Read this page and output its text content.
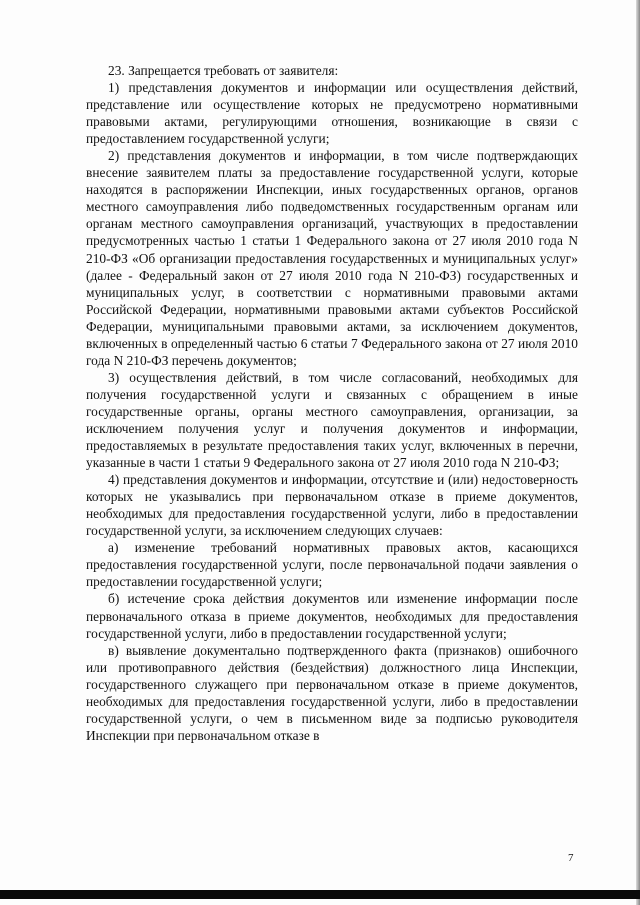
23. Запрещается требовать от заявителя:

1) представления документов и информации или осуществления действий, представление или осуществление которых не предусмотрено нормативными правовыми актами, регулирующими отношения, возникающие в связи с предоставлением государственной услуги;

2) представления документов и информации, в том числе подтверждающих внесение заявителем платы за предоставление государственной услуги, которые находятся в распоряжении Инспекции, иных государственных органов, органов местного самоуправления либо подведомственных государственным органам или органам местного самоуправления организаций, участвующих в предоставлении предусмотренных частью 1 статьи 1 Федерального закона от 27 июля 2010 года N 210-ФЗ «Об организации предоставления государственных и муниципальных услуг» (далее - Федеральный закон от 27 июля 2010 года N 210-ФЗ) государственных и муниципальных услуг, в соответствии с нормативными правовыми актами Российской Федерации, нормативными правовыми актами субъектов Российской Федерации, муниципальными правовыми актами, за исключением документов, включенных в определенный частью 6 статьи 7 Федерального закона от 27 июля 2010 года N 210-ФЗ перечень документов;

3) осуществления действий, в том числе согласований, необходимых для получения государственной услуги и связанных с обращением в иные государственные органы, органы местного самоуправления, организации, за исключением получения услуг и получения документов и информации, предоставляемых в результате предоставления таких услуг, включенных в перечни, указанные в части 1 статьи 9 Федерального закона от 27 июля 2010 года N 210-ФЗ;

4) представления документов и информации, отсутствие и (или) недостоверность которых не указывались при первоначальном отказе в приеме документов, необходимых для предоставления государственной услуги, либо в предоставлении государственной услуги, за исключением следующих случаев:

а) изменение требований нормативных правовых актов, касающихся предоставления государственной услуги, после первоначальной подачи заявления о предоставлении государственной услуги;

б) истечение срока действия документов или изменение информации после первоначального отказа в приеме документов, необходимых для предоставления государственной услуги, либо в предоставлении государственной услуги;

в) выявление документально подтвержденного факта (признаков) ошибочного или противоправного действия (бездействия) должностного лица Инспекции, государственного служащего при первоначальном отказе в приеме документов, необходимых для предоставления государственной услуги, либо в предоставлении государственной услуги, о чем в письменном виде за подписью руководителя Инспекции при первоначальном отказе в

7
